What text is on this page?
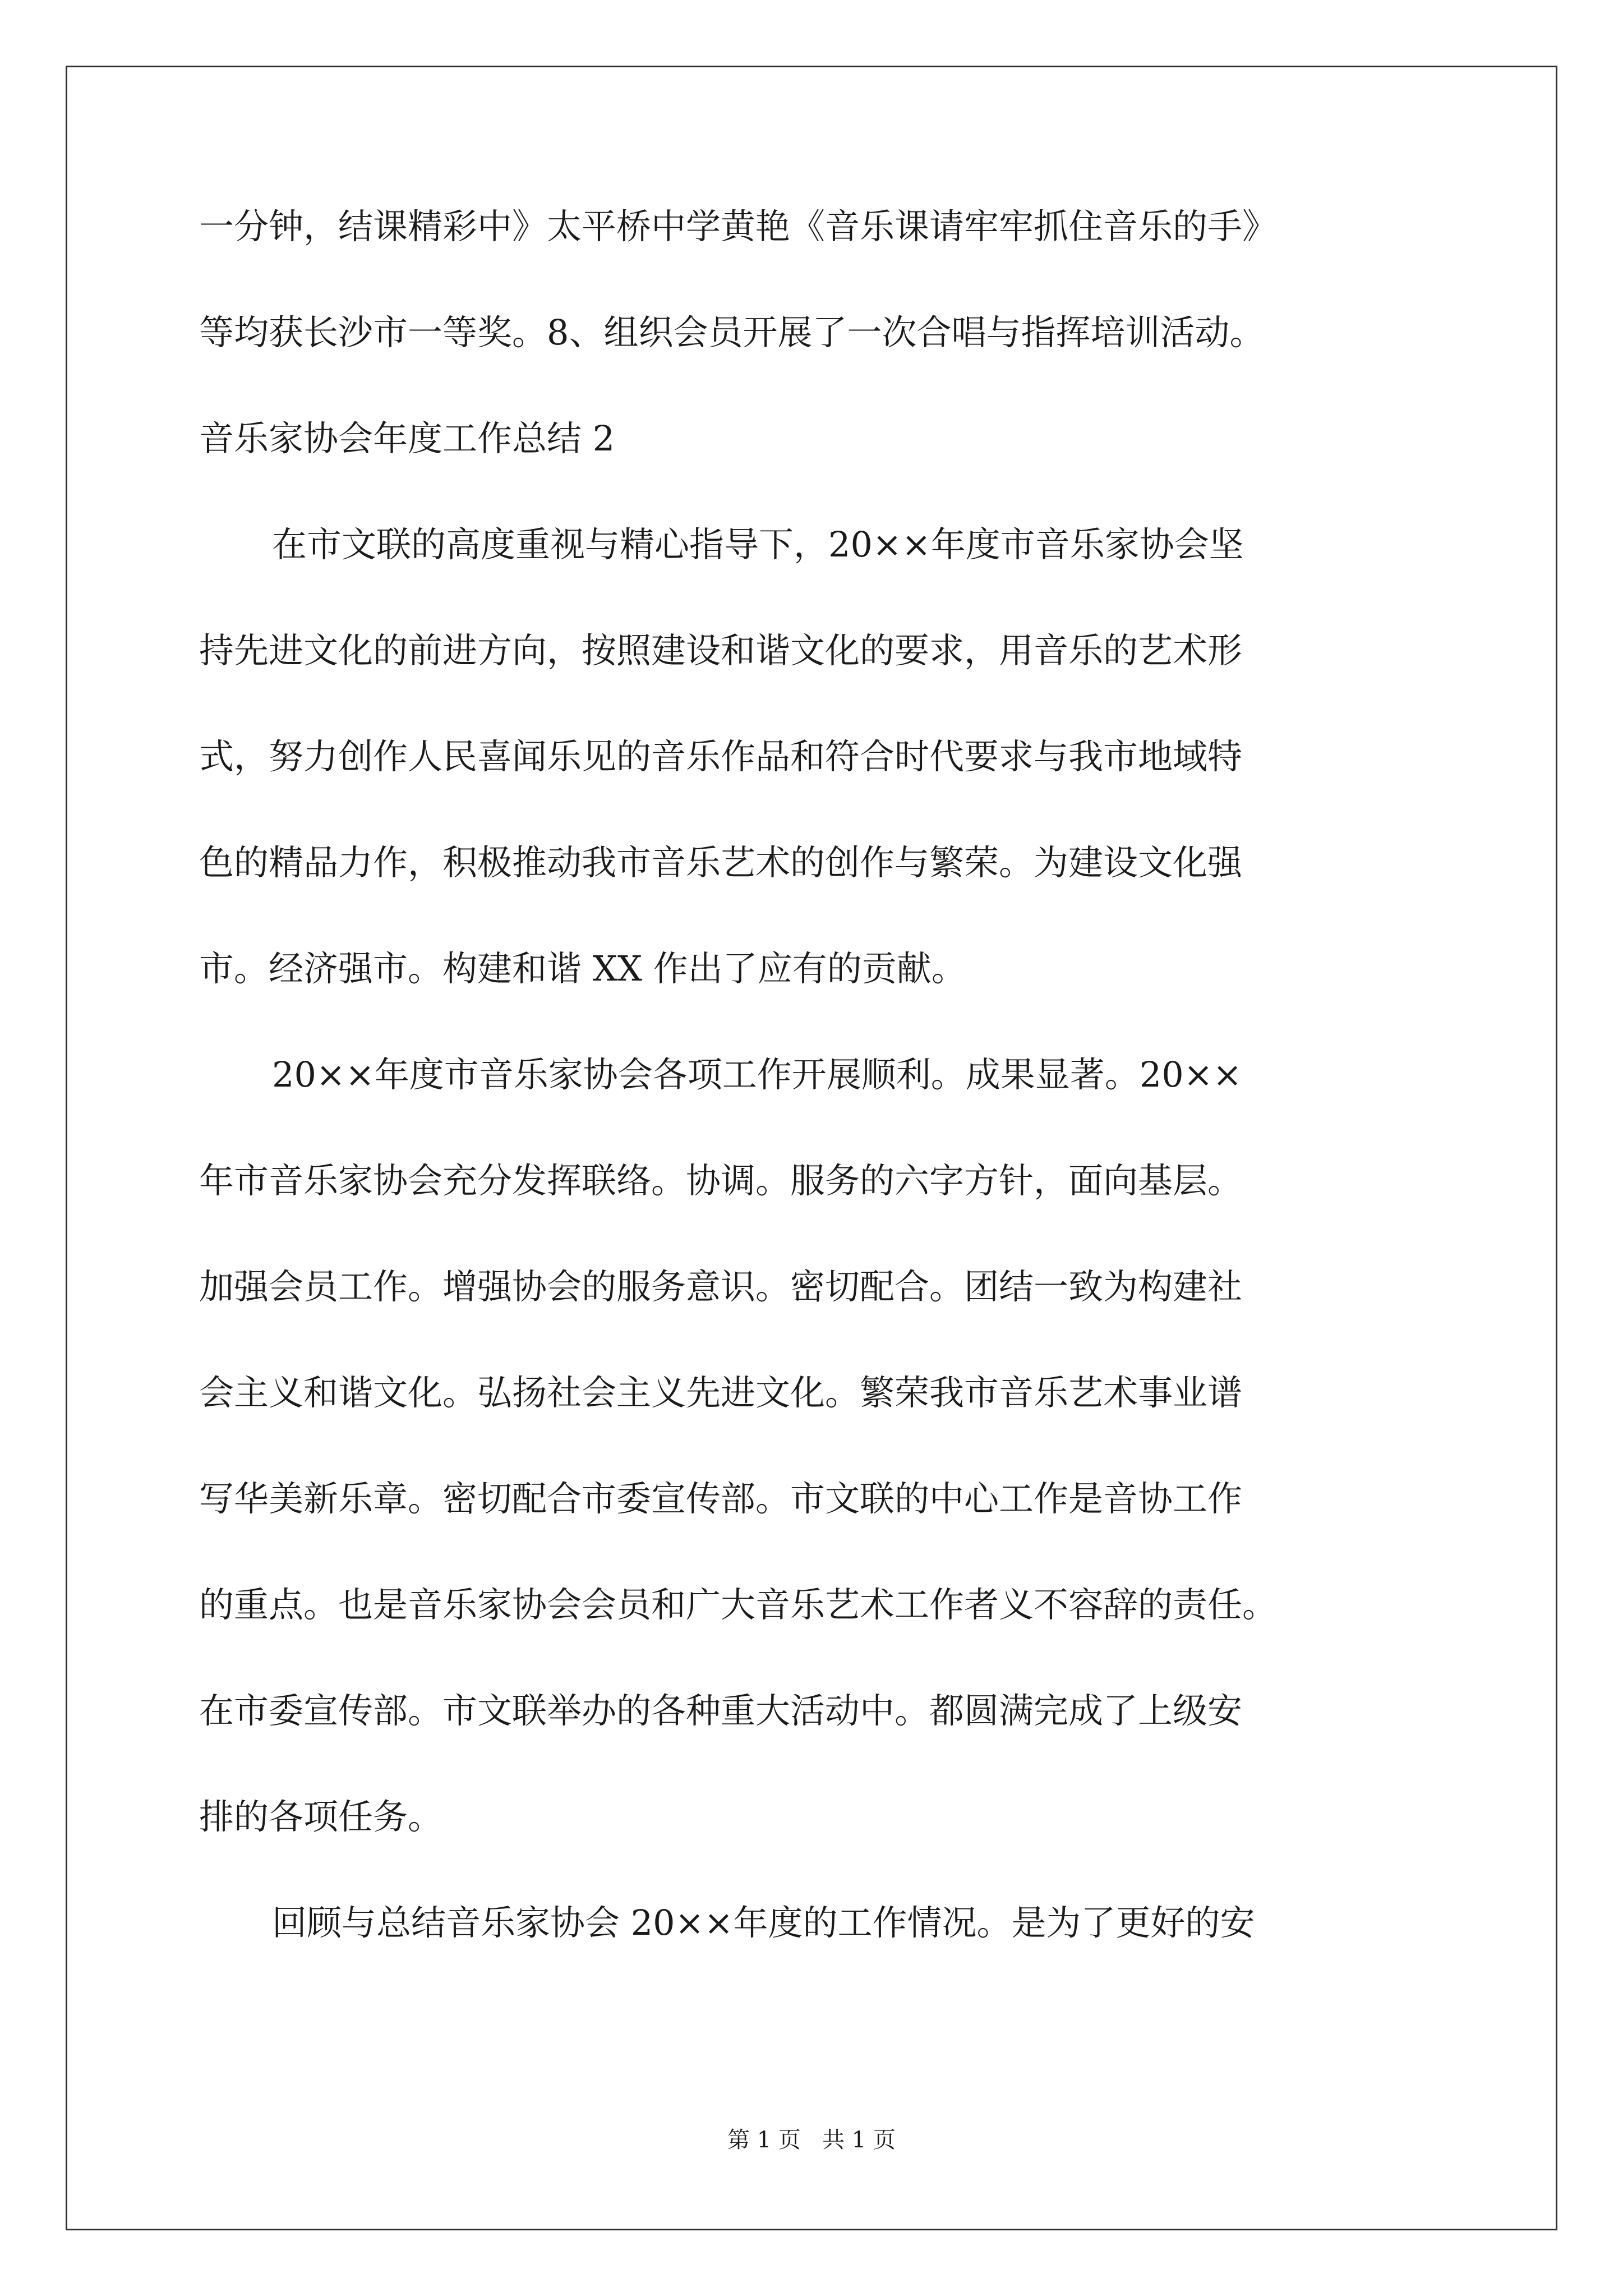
一分钟，结课精彩中》太平桥中学黄艳《音乐课请牢牢抓住音乐的手》
等均获长沙市一等奖。8、组织会员开展了一次合唱与指挥培训活动。
音乐家协会年度工作总结 2
在市文联的高度重视与精心指导下，20××年度市音乐家协会坚
持先进文化的前进方向，按照建设和谐文化的要求，用音乐的艺术形
式，努力创作人民喜闻乐见的音乐作品和符合时代要求与我市地域特
色的精品力作，积极推动我市音乐艺术的创作与繁荣。为建设文化强
市。经济强市。构建和谐 XX 作出了应有的贡献。
20××年度市音乐家协会各项工作开展顺利。成果显著。20××
年市音乐家协会充分发挥联络。协调。服务的六字方针，面向基层。
加强会员工作。增强协会的服务意识。密切配合。团结一致为构建社
会主义和谐文化。弘扬社会主义先进文化。繁荣我市音乐艺术事业谱
写华美新乐章。密切配合市委宣传部。市文联的中心工作是音协工作
的重点。也是音乐家协会会员和广大音乐艺术工作者义不容辞的责任。
在市委宣传部。市文联举办的各种重大活动中。都圆满完成了上级安
排的各项任务。
回顾与总结音乐家协会 20××年度的工作情况。是为了更好的安
第 1 页   共 1 页
